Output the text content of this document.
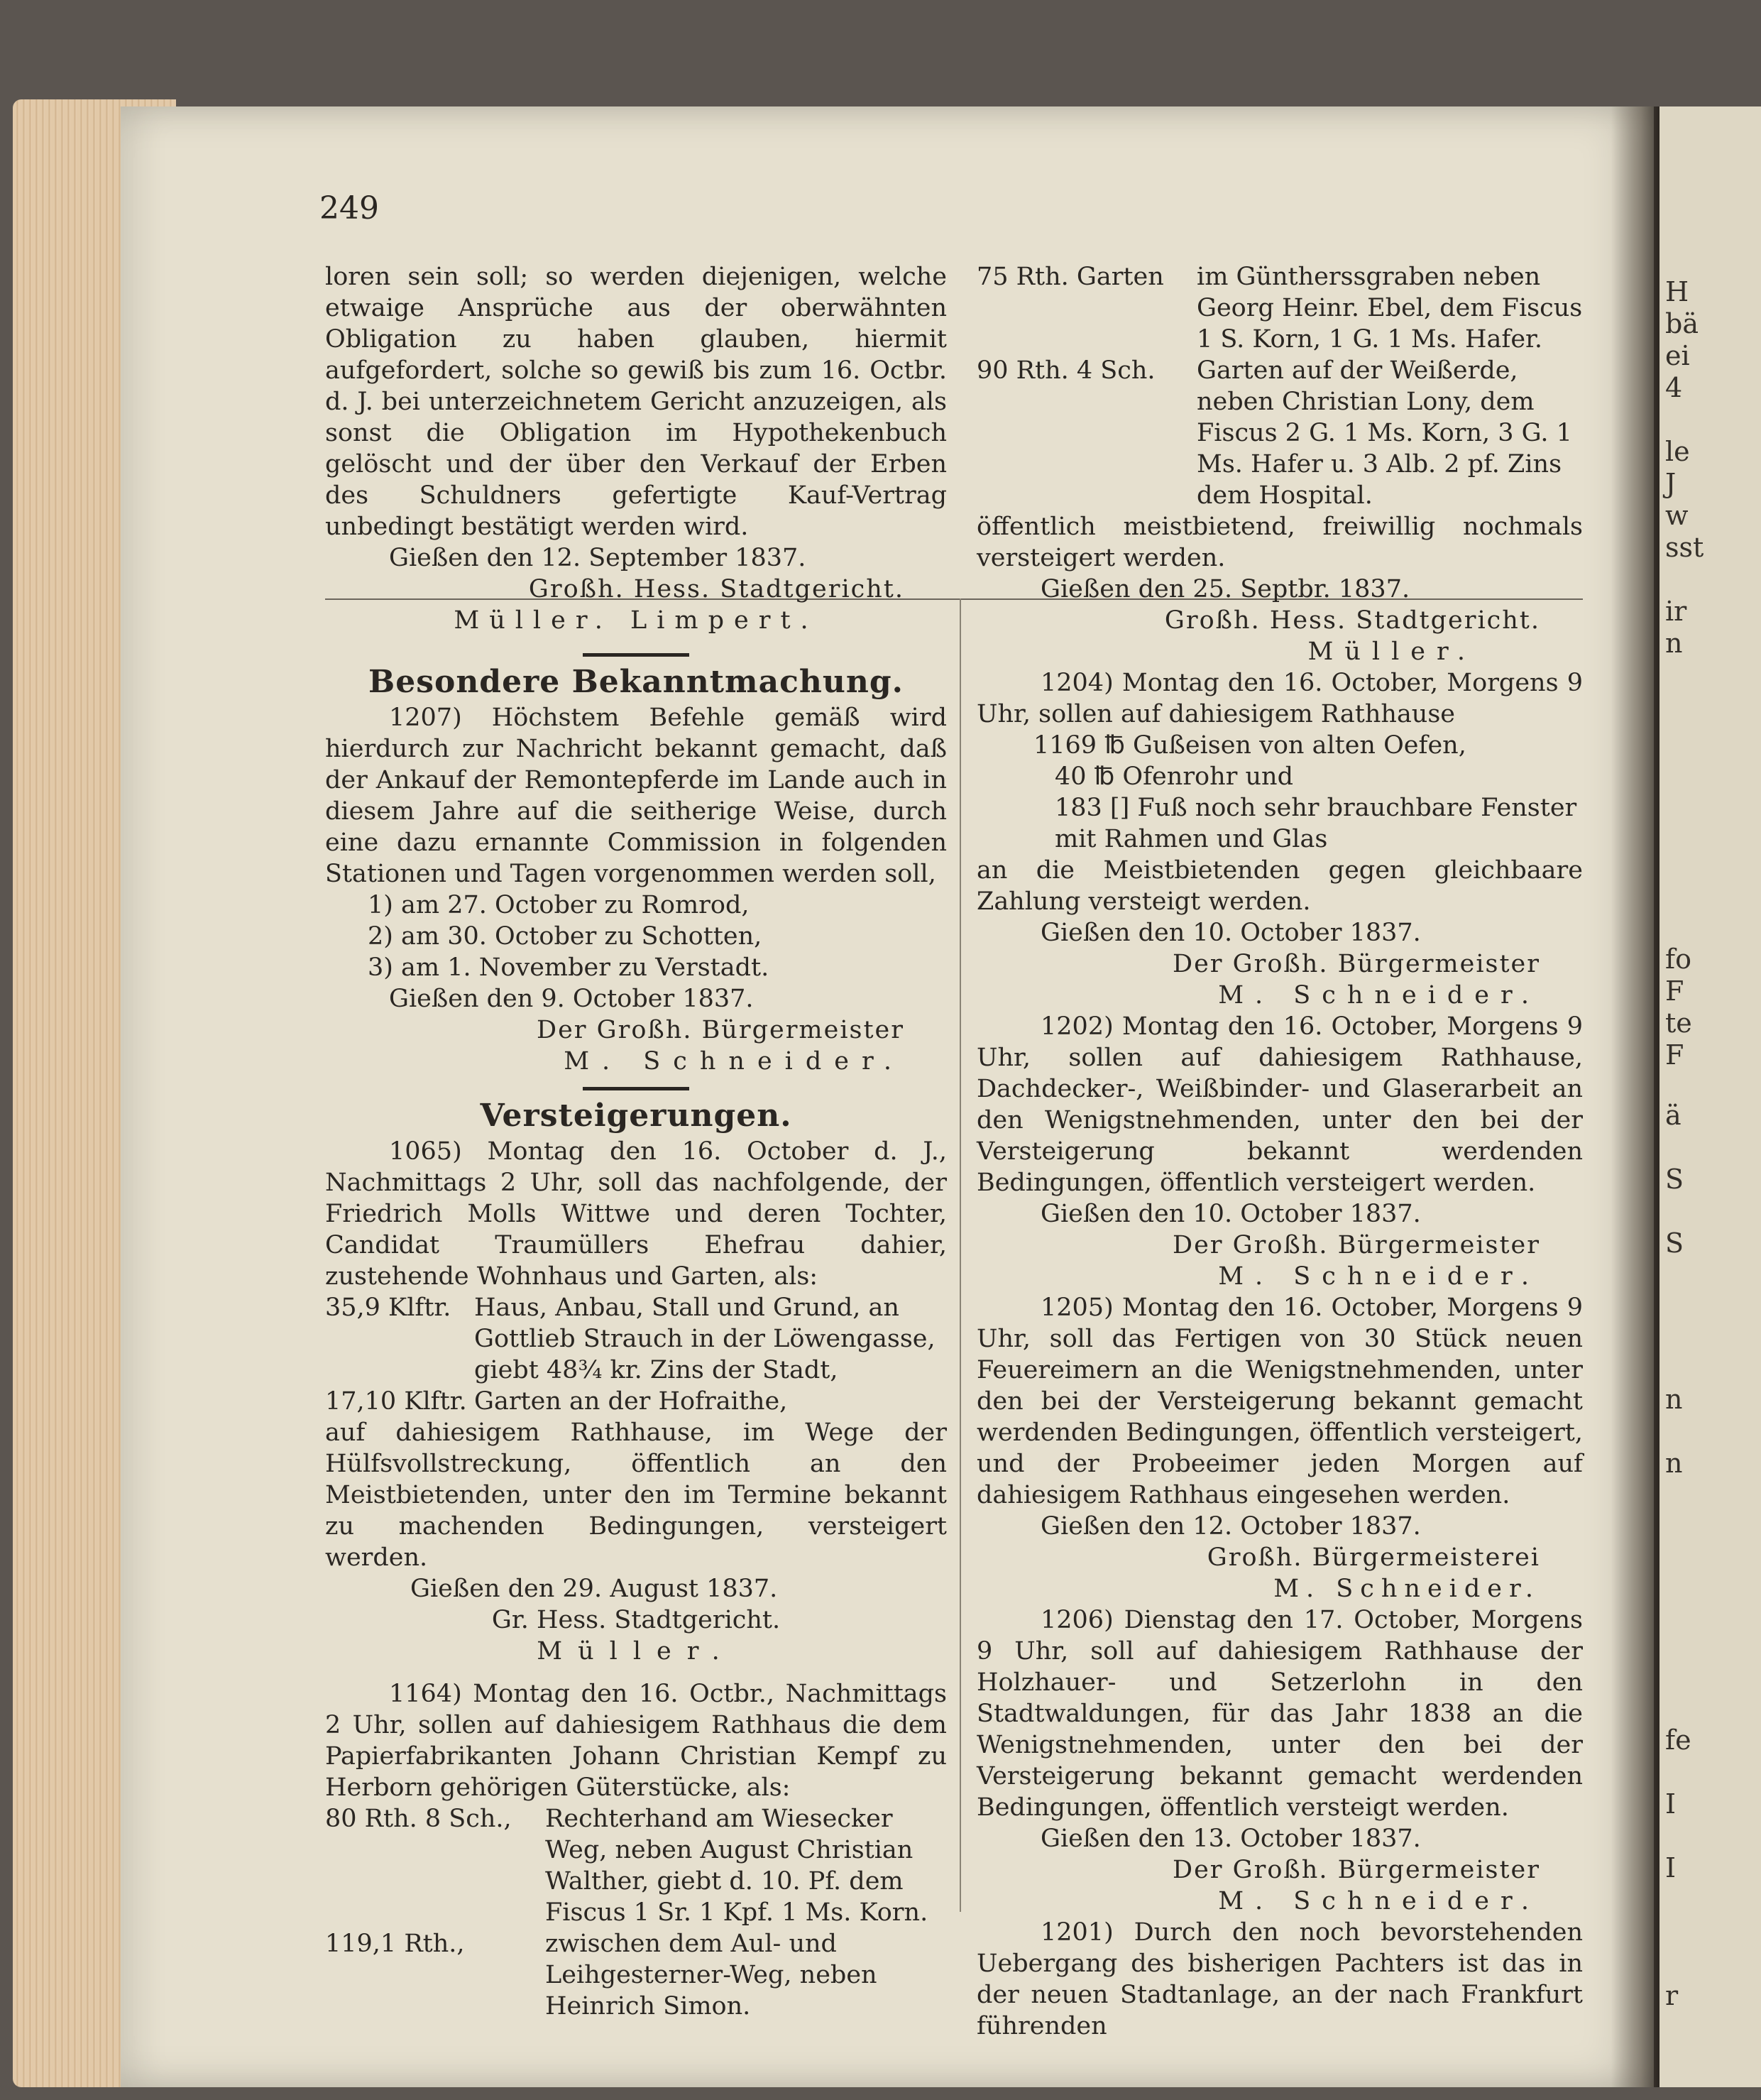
H
bä
ei
4
le
J
w
sst
ir
n
fo
F
te
F
ä
S
S
n
n
fe
I
I
r
249

loren sein soll; so werden diejenigen, welche etwaige Ansprüche aus der oberwähnten Obligation zu haben glauben, hiermit aufgefordert, solche so gewiß bis zum 16. Octbr. d. J. bei unterzeichnetem Gericht anzuzeigen, als sonst die Obligation im Hypothekenbuch gelöscht und der über den Verkauf der Erben des Schuldners gefertigte Kauf-Vertrag unbedingt bestätigt werden wird.

Gießen den 12. September 1837.

Großh. Hess. Stadtgericht.

Müller. Limpert.

Besondere Bekanntmachung.

1207) Höchstem Befehle gemäß wird hierdurch zur Nachricht bekannt gemacht, daß der Ankauf der Remontepferde im Lande auch in diesem Jahre auf die seitherige Weise, durch eine dazu ernannte Commission in folgenden Stationen und Tagen vorgenommen werden soll,

1) am 27. October zu Romrod,
2) am 30. October zu Schotten,
3) am 1. November zu Verstadt.

Gießen den 9. October 1837.

Der Großh. Bürgermeister

M. Schneider.

Versteigerungen.

1065) Montag den 16. October d. J., Nachmittags 2 Uhr, soll das nachfolgende, der Friedrich Molls Wittwe und deren Tochter, Candidat Traumüllers Ehefrau dahier, zustehende Wohnhaus und Garten, als:

35,9 Klftr. Haus, Anbau, Stall und Grund, an Gottlieb Strauch in der Löwengasse, giebt 48¾ kr. Zins der Stadt,
17,10 Klftr. Garten an der Hofraithe,

auf dahiesigem Rathhause, im Wege der Hülfsvollstreckung, öffentlich an den Meistbietenden, unter den im Termine bekannt zu machenden Bedingungen, versteigert werden.

Gießen den 29. August 1837.

Gr. Hess. Stadtgericht.

Müller.

1164) Montag den 16. Octbr., Nachmittags 2 Uhr, sollen auf dahiesigem Rathhaus die dem Papierfabrikanten Johann Christian Kempf zu Herborn gehörigen Güterstücke, als:

80 Rth. 8 Sch.,	Rechterhand am Wiesecker Weg, neben August Christian Walther, giebt d. 10. Pf. dem Fiscus 1 Sr. 1 Kpf. 1 Ms. Korn.
119,1 Rth.,	zwischen dem Aul- und Leihgesterner-Weg, neben Heinrich Simon.
75 Rth. Garten	im Güntherssgraben neben Georg Heinr. Ebel, dem Fiscus 1 S. Korn, 1 G. 1 Ms. Hafer.
90 Rth. 4 Sch.	Garten auf der Weißerde, neben Christian Lony, dem Fiscus 2 G. 1 Ms. Korn, 3 G. 1 Ms. Hafer u. 3 Alb. 2 pf. Zins dem Hospital.

öffentlich meistbietend, freiwillig nochmals versteigert werden.

Gießen den 25. Septbr. 1837.

Großh. Hess. Stadtgericht.

Müller.

1204) Montag den 16. October, Morgens 9 Uhr, sollen auf dahiesigem Rathhause

1169 ℔ Gußeisen von alten Oefen,
40 ℔ Ofenrohr und
183 [] Fuß noch sehr brauchbare Fenster mit Rahmen und Glas

an die Meistbietenden gegen gleichbaare Zahlung versteigt werden.

Gießen den 10. October 1837.

Der Großh. Bürgermeister

M. Schneider.

1202) Montag den 16. October, Morgens 9 Uhr, sollen auf dahiesigem Rathhause, Dachdecker-, Weißbinder- und Glaserarbeit an den Wenigstnehmenden, unter den bei der Versteigerung bekannt werdenden Bedingungen, öffentlich versteigert werden.

Gießen den 10. October 1837.

Der Großh. Bürgermeister

M. Schneider.

1205) Montag den 16. October, Morgens 9 Uhr, soll das Fertigen von 30 Stück neuen Feuereimern an die Wenigstnehmenden, unter den bei der Versteigerung bekannt gemacht werdenden Bedingungen, öffentlich versteigert, und der Probeeimer jeden Morgen auf dahiesigem Rathhaus eingesehen werden.

Gießen den 12. October 1837.

Großh. Bürgermeisterei

M. Schneider.

1206) Dienstag den 17. October, Morgens 9 Uhr, soll auf dahiesigem Rathhause der Holzhauer- und Setzerlohn in den Stadtwaldungen, für das Jahr 1838 an die Wenigstnehmenden, unter den bei der Versteigerung bekannt gemacht werdenden Bedingungen, öffentlich versteigt werden.

Gießen den 13. October 1837.

Der Großh. Bürgermeister

M. Schneider.

1201) Durch den noch bevorstehenden Uebergang des bisherigen Pachters ist das in der neuen Stadtanlage, an der nach Frankfurt führenden
